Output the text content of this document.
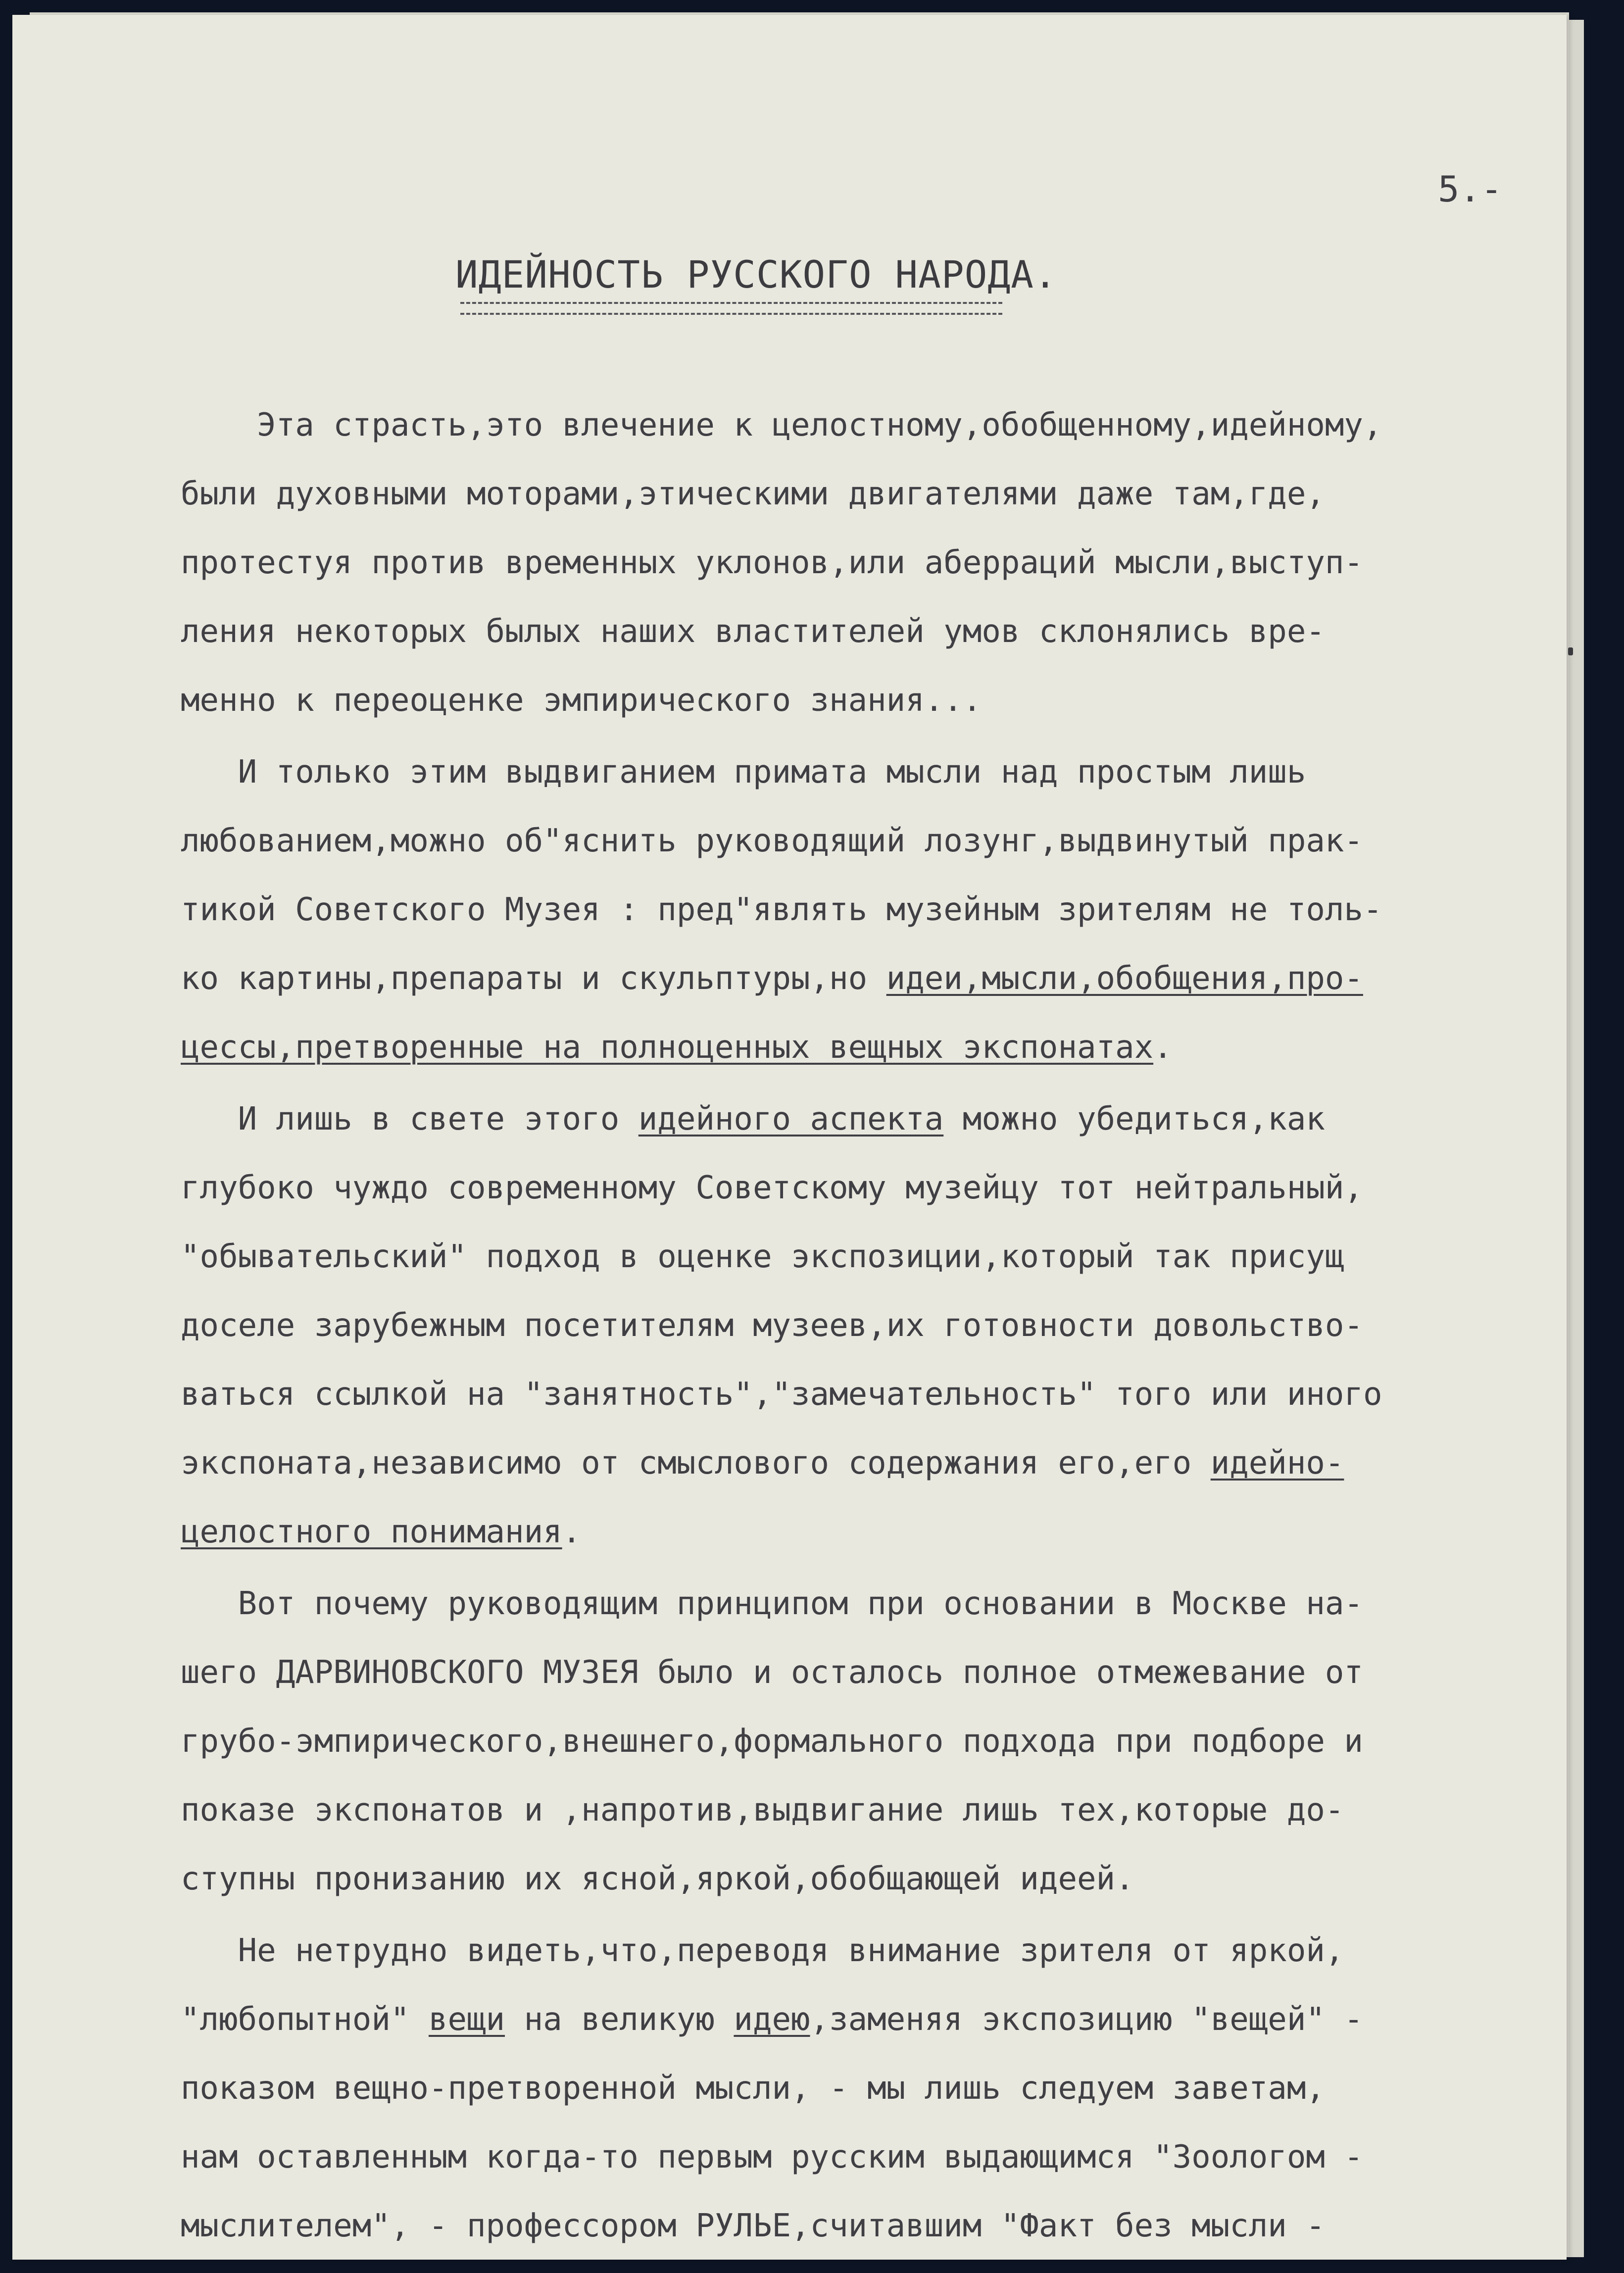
5.-
ИДЕЙНОСТЬ РУССКОГО НАРОДА.
Эта страсть,это влечение к целостному,обобщенному,идейному,
были духовными моторами,этическими двигателями даже там,где,
протестуя против временных уклонов,или аберраций мысли,выступ-
ления некоторых былых наших властителей умов склонялись вре-
менно к переоценке эмпирического знания...
И только этим выдвиганием примата мысли над простым лишь
любованием,можно об"яснить руководящий лозунг,выдвинутый прак-
тикой Советского Музея : пред"являть музейным зрителям не толь-
ко картины,препараты и скульптуры,но идеи,мысли,обобщения,про-
цессы,претворенные на полноценных вещных экспонатах.
И лишь в свете этого идейного аспекта можно убедиться,как
глубоко чуждо современному Советскому музейцу тот нейтральный,
"обывательский" подход в оценке экспозиции,который так присущ
доселе зарубежным посетителям музеев,их готовности довольство-
ваться ссылкой на "занятность","замечательность" того или иного
экспоната,независимо от смыслового содержания его,его идейно-
целостного понимания.
Вот почему руководящим принципом при основании в Москве на-
шего ДАРВИНОВСКОГО МУЗЕЯ было и осталось полное отмежевание от
грубо-эмпирического,внешнего,формального подхода при подборе и
показе экспонатов и ,напротив,выдвигание лишь тех,которые до-
ступны пронизанию их ясной,яркой,обобщающей идеей.
Не нетрудно видеть,что,переводя внимание зрителя от яркой,
"любопытной" вещи на великую идею,заменяя экспозицию "вещей" -
показом вещно-претворенной мысли, - мы лишь следуем заветам,
нам оставленным когда-то первым русским выдающимся "Зоологом -
мыслителем", - профессором РУЛЬЕ,считавшим "Факт без мысли -
